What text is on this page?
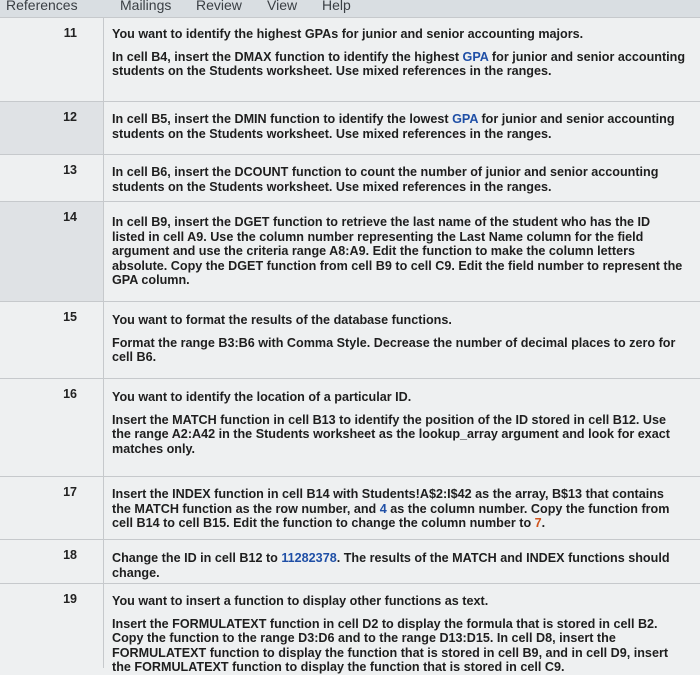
References	Mailings Review View Help
11	You want to identify the highest GPAs for junior and senior accounting majors.

In cell B4, insert the DMAX function to identify the highest GPA for junior and senior accounting students on the Students worksheet. Use mixed references in the ranges.

12	In cell B5, insert the DMIN function to identify the lowest GPA for junior and senior accounting students on the Students worksheet. Use mixed references in the ranges.

13	In cell B6, insert the DCOUNT function to count the number of junior and senior accounting students on the Students worksheet. Use mixed references in the ranges.

14	In cell B9, insert the DGET function to retrieve the last name of the student who has the ID listed in cell A9. Use the column number representing the Last Name column for the field argument and use the criteria range A8:A9. Edit the function to make the column letters absolute. Copy the DGET function from cell B9 to cell C9. Edit the field number to represent the GPA column.

15	You want to format the results of the database functions.

Format the range B3:B6 with Comma Style. Decrease the number of decimal places to zero for cell B6.

16	You want to identify the location of a particular ID.

Insert the MATCH function in cell B13 to identify the position of the ID stored in cell B12. Use the range A2:A42 in the Students worksheet as the lookup_array argument and look for exact matches only.

17	Insert the INDEX function in cell B14 with Students!A$2:I$42 as the array, B$13 that contains the MATCH function as the row number, and 4 as the column number. Copy the function from cell B14 to cell B15. Edit the function to change the column number to 7.

18	Change the ID in cell B12 to 11282378. The results of the MATCH and INDEX functions should change.

19	You want to insert a function to display other functions as text.

Insert the FORMULATEXT function in cell D2 to display the formula that is stored in cell B2. Copy the function to the range D3:D6 and to the range D13:D15. In cell D8, insert the FORMULATEXT function to display the function that is stored in cell B9, and in cell D9, insert the FORMULATEXT function to display the function that is stored in cell C9.
